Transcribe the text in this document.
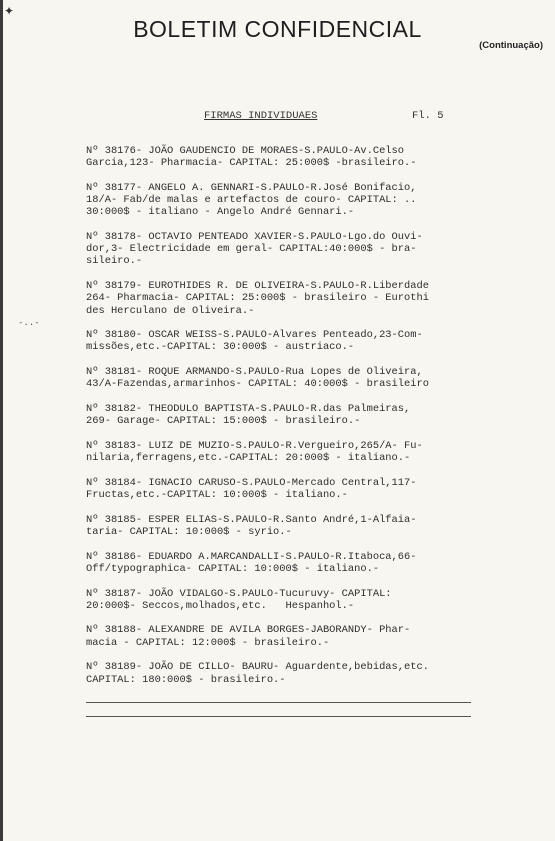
✦
-..-
BOLETIM CONFIDENCIAL
(Continuação)
FIRMAS INDIVIDUAES	Fl. 5
Nº 38176- JOÃO GAUDENCIO DE MORAES-S.PAULO-Av.Celso
Garcia,123- Pharmacia- CAPITAL: 25:000$ -brasileiro.-
Nº 38177- ANGELO A. GENNARI-S.PAULO-R.José Bonifacio,
18/A- Fab/de malas e artefactos de couro- CAPITAL: ..
30:000$ - italiano - Angelo André Gennari.-
Nº 38178- OCTAVIO PENTEADO XAVIER-S.PAULO-Lgo.do Ouvi-
dor,3- Electricidade em geral- CAPITAL:40:000$ - bra-
sileiro.-
Nº 38179- EUROTHIDES R. DE OLIVEIRA-S.PAULO-R.Liberdade
264- Pharmacia- CAPITAL: 25:000$ - brasileiro - Eurothi
des Herculano de Oliveira.-
Nº 38180- OSCAR WEISS-S.PAULO-Alvares Penteado,23-Com-
missões,etc.-CAPITAL: 30:000$ - austriaco.-
Nº 38181- ROQUE ARMANDO-S.PAULO-Rua Lopes de Oliveira,
43/A-Fazendas,armarinhos- CAPITAL: 40:000$ - brasileiro
Nº 38182- THEODULO BAPTISTA-S.PAULO-R.das Palmeiras,
269- Garage- CAPITAL: 15:000$ - brasileiro.-
Nº 38183- LUIZ DE MUZIO-S.PAULO-R.Vergueiro,265/A- Fu-
nilaria,ferragens,etc.-CAPITAL: 20:000$ - italiano.-
Nº 38184- IGNACIO CARUSO-S.PAULO-Mercado Central,117-
Fructas,etc.-CAPITAL: 10:000$ - italiano.-
Nº 38185- ESPER ELIAS-S.PAULO-R.Santo André,1-Alfaia-
taria- CAPITAL: 10:000$ - syrio.-
Nº 38186- EDUARDO A.MARCANDALLI-S.PAULO-R.Itaboca,66-
Off/typographica- CAPITAL: 10:000$ - italiano.-
Nº 38187- JOÃO VIDALGO-S.PAULO-Tucuruvy- CAPITAL:
20:000$- Seccos,molhados,etc.   Hespanhol.-
Nº 38188- ALEXANDRE DE AVILA BORGES-JABORANDY- Phar-
macia - CAPITAL: 12:000$ - brasileiro.-
Nº 38189- JOÃO DE CILLO- BAURU- Aguardente,bebidas,etc.
CAPITAL: 180:000$ - brasileiro.-
